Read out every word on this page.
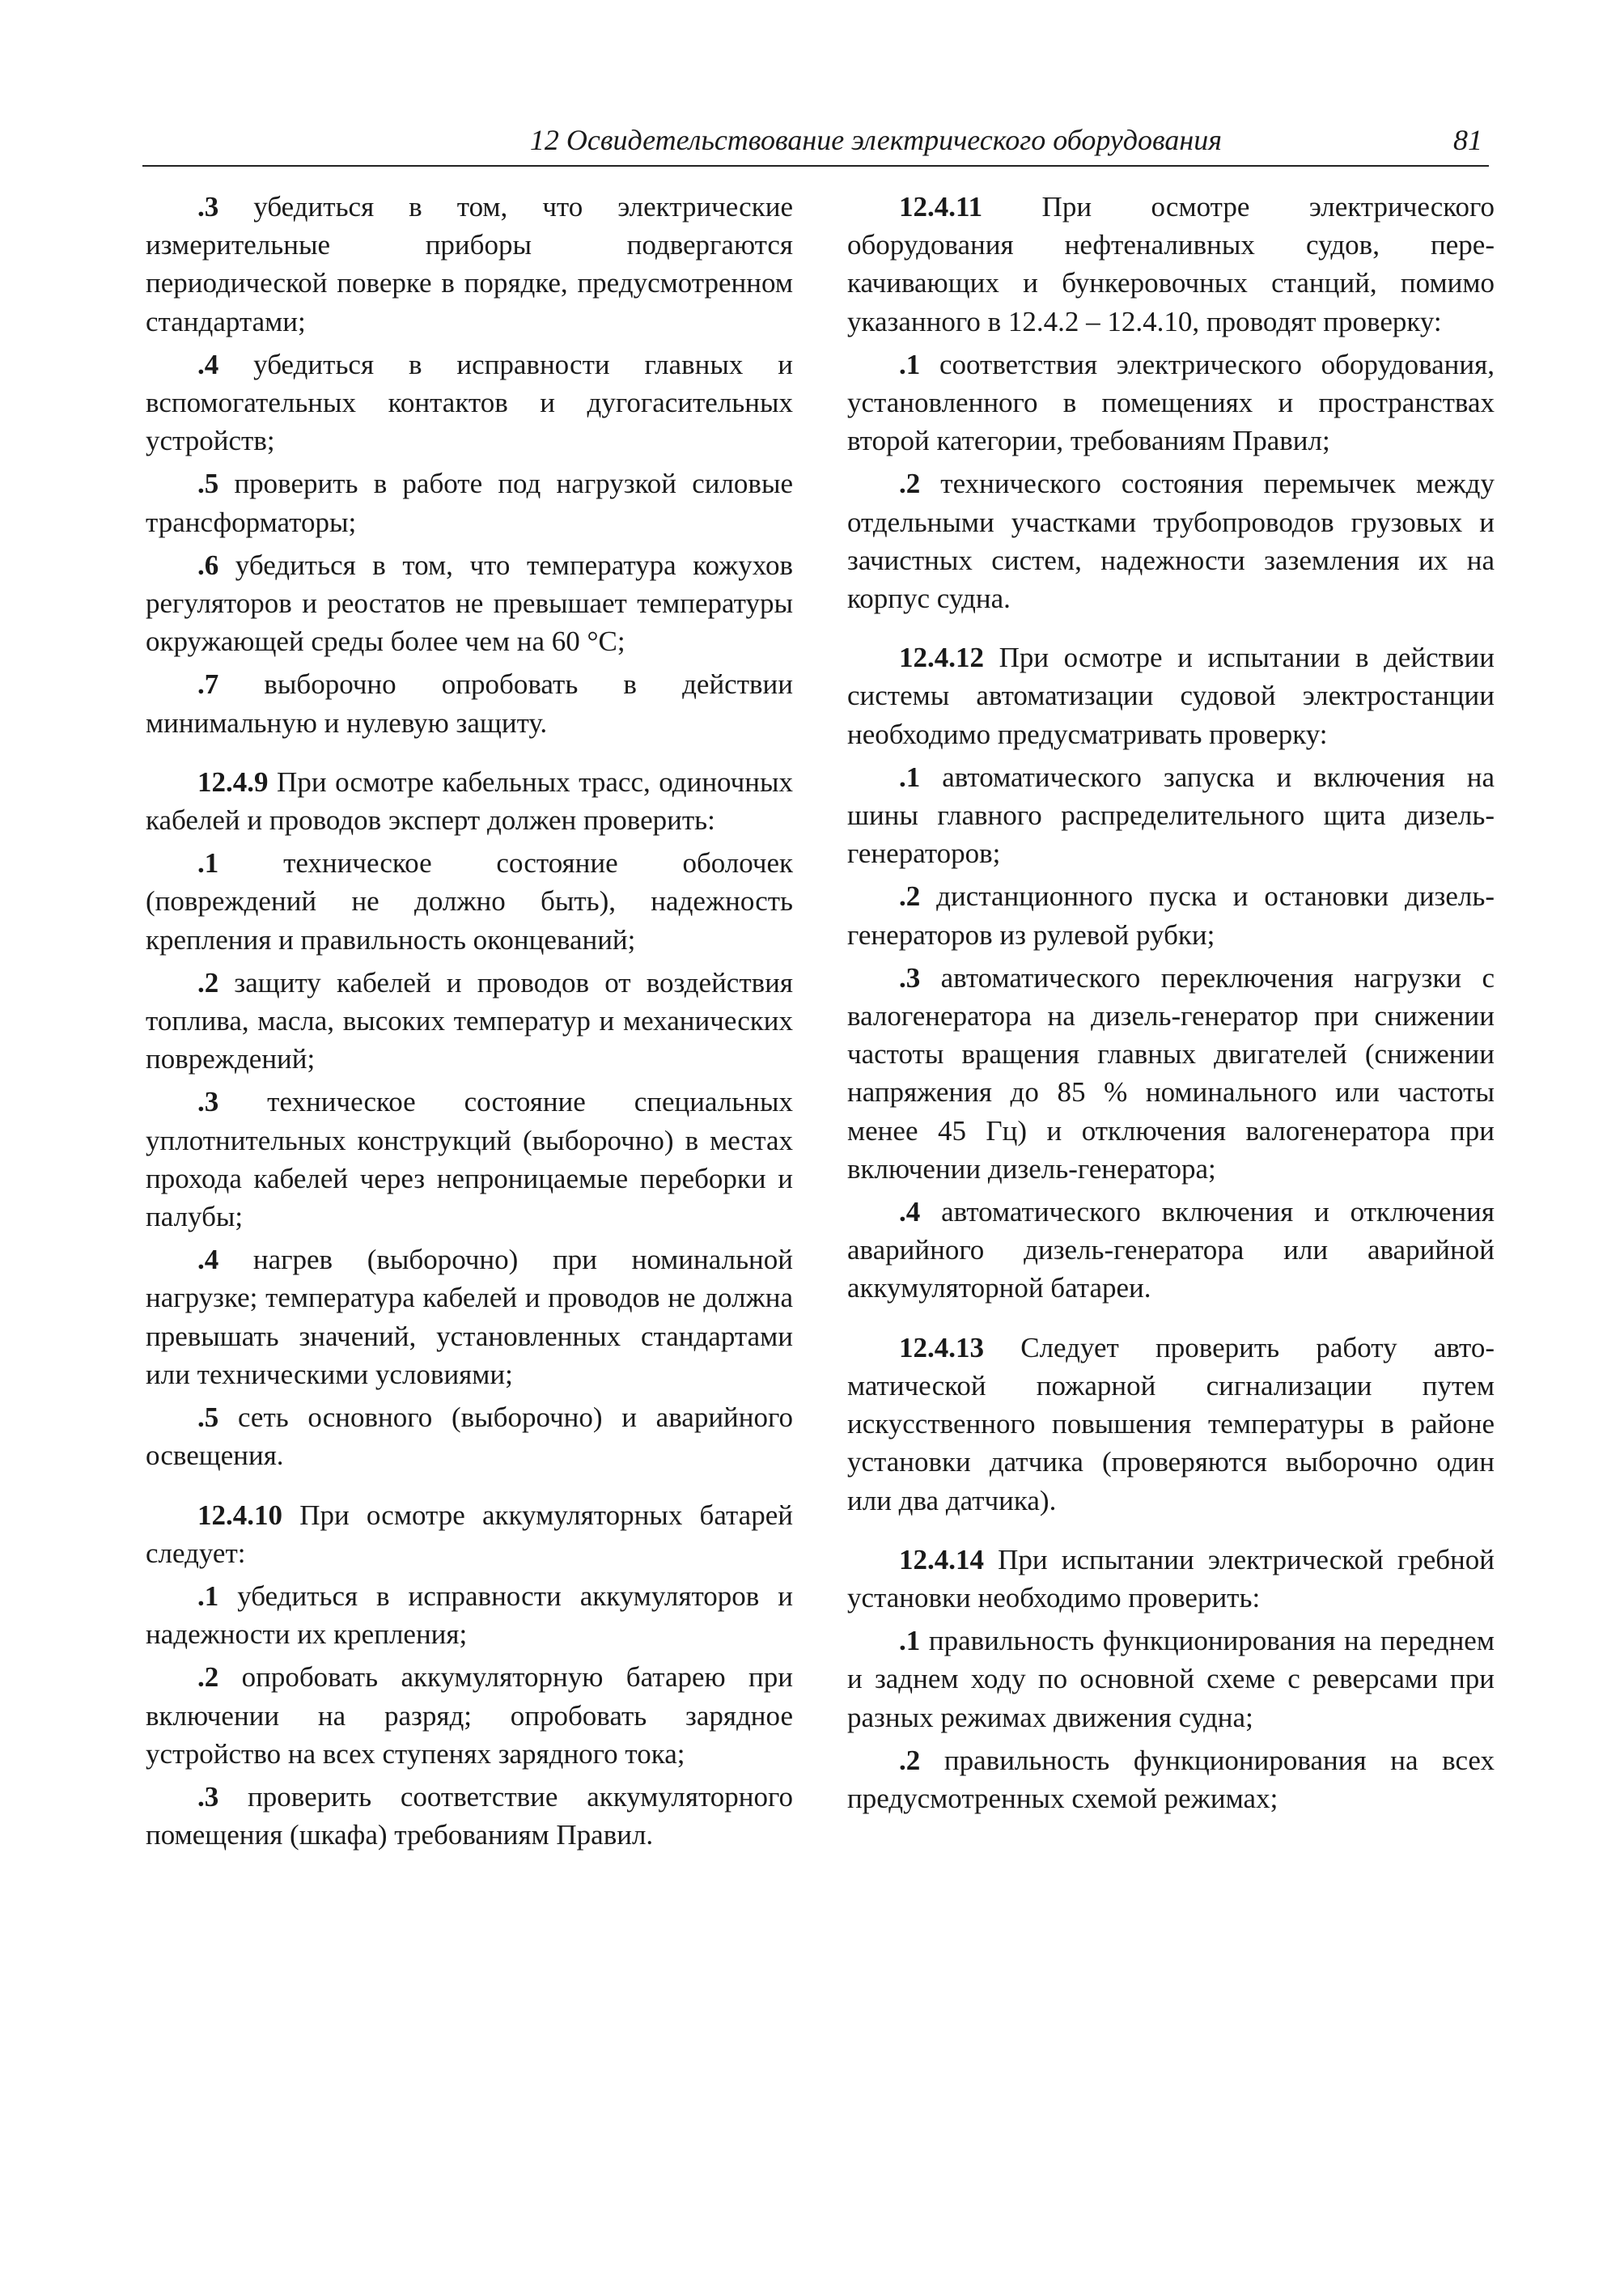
12 Освидетельствование электрического оборудования	81

.3 убедиться в том, что электрические измерительные приборы подвергаются периодической поверке в порядке, предусмотренном стандартами;

.4 убедиться в исправности главных и вспомогательных контактов и дугогасительных устройств;

.5 проверить в работе под нагрузкой силовые трансформаторы;

.6 убедиться в том, что температура кожухов регуляторов и реостатов не превышает температуры окружающей среды более чем на 60 °С;

.7 выборочно опробовать в действии минимальную и нулевую защиту.

12.4.9 При осмотре кабельных трасс, одиночных кабелей и проводов эксперт должен проверить:

.1 техническое состояние оболочек (повреждений не должно быть), надежность крепления и правильность оконцеваний;

.2 защиту кабелей и проводов от воздействия топлива, масла, высоких температур и механических повреждений;

.3 техническое состояние специальных уплотнительных конструкций (выборочно) в местах прохода кабелей через непроницаемые переборки и палубы;

.4 нагрев (выборочно) при номинальной нагрузке; температура кабелей и проводов не должна превышать значений, установленных стандартами или техническими условиями;

.5 сеть основного (выборочно) и аварийного освещения.

12.4.10 При осмотре аккумуляторных батарей следует:

.1 убедиться в исправности аккумуляторов и надежности их крепления;

.2 опробовать аккумуляторную батарею при включении на разряд; опробовать зарядное устройство на всех ступенях зарядного тока;

.3 проверить соответствие аккумуляторного помещения (шкафа) требованиям Правил.

12.4.11 При осмотре электрического оборудования нефтеналивных судов, перекачивающих и бункеровочных станций, помимо указанного в 12.4.2 – 12.4.10, проводят проверку:

.1 соответствия электрического оборудования, установленного в помещениях и пространствах второй категории, требованиям Правил;

.2 технического состояния перемычек между отдельными участками трубопроводов грузовых и зачистных систем, надежности заземления их на корпус судна.

12.4.12 При осмотре и испытании в действии системы автоматизации судовой электростанции необходимо предусматривать проверку:

.1 автоматического запуска и включения на шины главного распределительного щита дизель-генераторов;

.2 дистанционного пуска и остановки дизель-генераторов из рулевой рубки;

.3 автоматического переключения нагрузки с валогенератора на дизель-генератор при снижении частоты вращения главных двигателей (снижении напряжения до 85 % номинального или частоты менее 45 Гц) и отключения валогенератора при включении дизель-генератора;

.4 автоматического включения и отключения аварийного дизель-генератора или аварийной аккумуляторной батареи.

12.4.13 Следует проверить работу автоматической пожарной сигнализации путем искусственного повышения температуры в районе установки датчика (проверяются выборочно один или два датчика).

12.4.14 При испытании электрической гребной установки необходимо проверить:

.1 правильность функционирования на переднем и заднем ходу по основной схеме с реверсами при разных режимах движения судна;

.2 правильность функционирования на всех предусмотренных схемой режимах;
